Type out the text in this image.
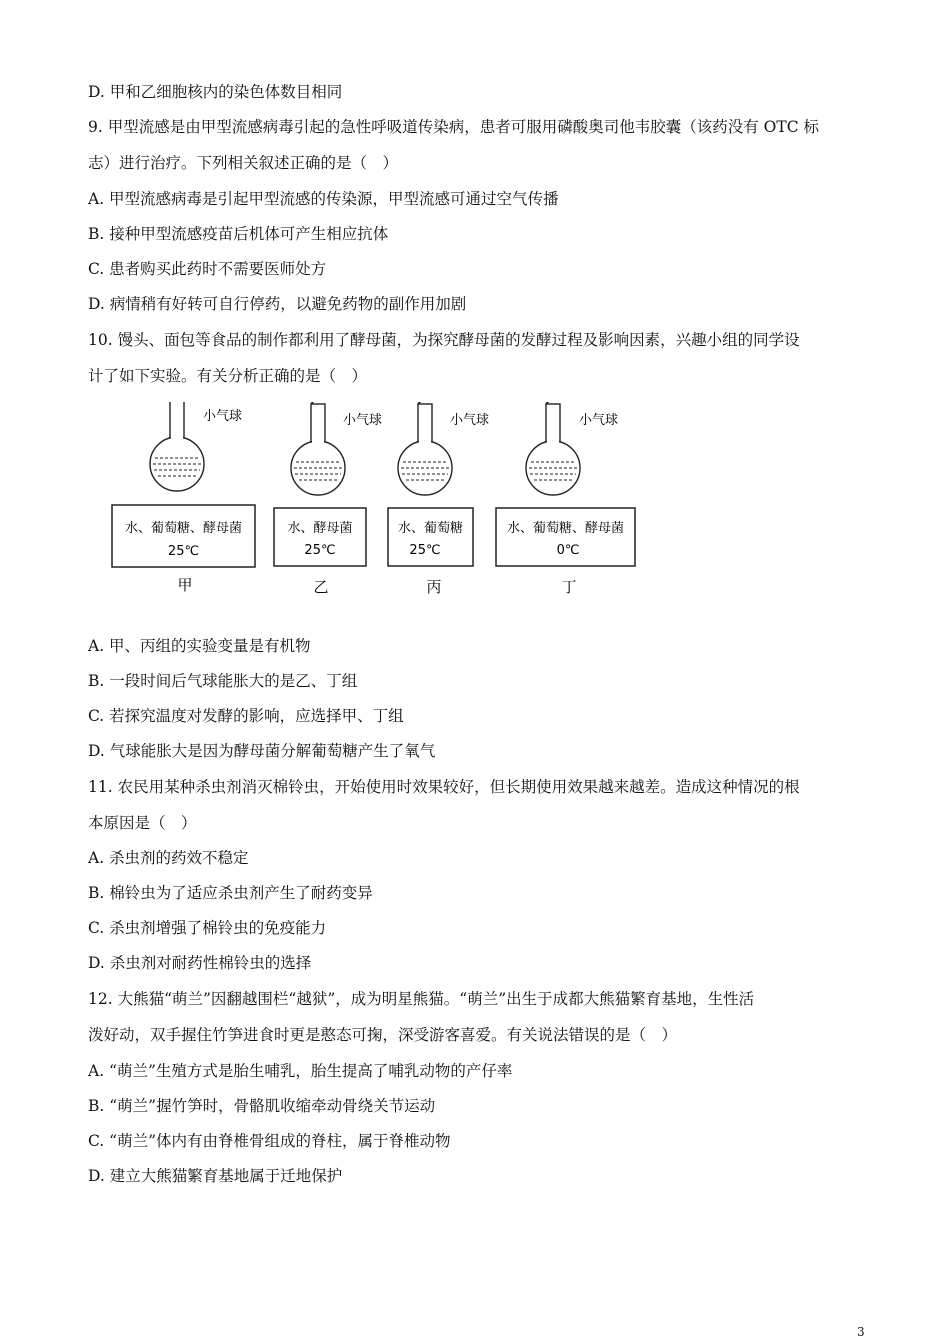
D. 甲和乙细胞核内的染色体数目相同
9. 甲型流感是由甲型流感病毒引起的急性呼吸道传染病，患者可服用磷酸奥司他韦胶囊（该药没有 OTC 标
志）进行治疗。下列相关叙述正确的是（　）
A. 甲型流感病毒是引起甲型流感的传染源，甲型流感可通过空气传播
B. 接种甲型流感疫苗后机体可产生相应抗体
C. 患者购买此药时不需要医师处方
D. 病情稍有好转可自行停药，以避免药物的副作用加剧
10. 馒头、面包等食品的制作都利用了酵母菌，为探究酵母菌的发酵过程及影响因素，兴趣小组的同学设
计了如下实验。有关分析正确的是（　）
小气球
水、葡萄糖、酵母菌
25℃
甲
小气球
水、酵母菌
25℃
乙
小气球
水、葡萄糖
25℃
丙
小气球
水、葡萄糖、酵母菌
0℃
丁
A. 甲、丙组的实验变量是有机物
B. 一段时间后气球能胀大的是乙、丁组
C. 若探究温度对发酵的影响，应选择甲、丁组
D. 气球能胀大是因为酵母菌分解葡萄糖产生了氧气
11. 农民用某种杀虫剂消灭棉铃虫，开始使用时效果较好，但长期使用效果越来越差。造成这种情况的根
本原因是（　）
A. 杀虫剂的药效不稳定
B. 棉铃虫为了适应杀虫剂产生了耐药变异
C. 杀虫剂增强了棉铃虫的免疫能力
D. 杀虫剂对耐药性棉铃虫的选择
12. 大熊猫“萌兰”因翻越围栏“越狱”，成为明星熊猫。“萌兰”出生于成都大熊猫繁育基地，生性活
泼好动，双手握住竹笋进食时更是憨态可掬，深受游客喜爱。有关说法错误的是（　）
A. “萌兰”生殖方式是胎生哺乳，胎生提高了哺乳动物的产仔率
B. “萌兰”握竹笋时，骨骼肌收缩牵动骨绕关节运动
C. “萌兰”体内有由脊椎骨组成的脊柱，属于脊椎动物
D. 建立大熊猫繁育基地属于迁地保护
3
